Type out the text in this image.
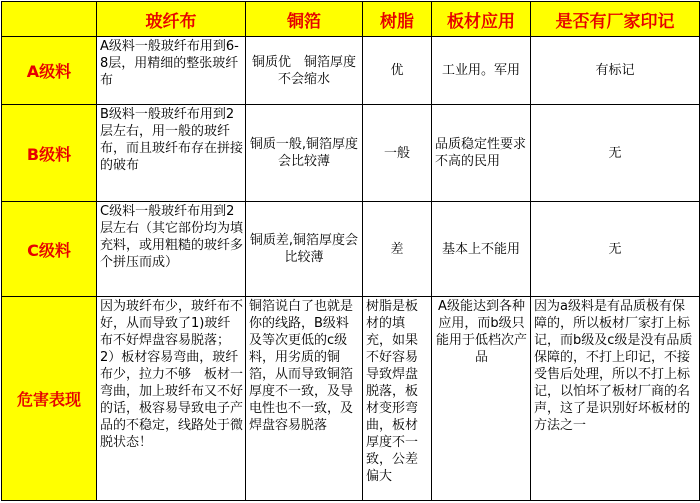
	玻纤布	铜箔	树脂	板材应用	是否有厂家印记
A级料	A级料一般玻纤布用到6-8层，用精细的整张玻纤布	铜质优　铜箔厚度不会缩水	优	工业用。军用	有标记
B级料	B级料一般玻纤布用到2层左右，用一般的玻纤布，而且玻纤布存在拼接的破布	铜质一般,铜箔厚度会比较薄	一般	品质稳定性要求不高的民用	无
C级料	C级料一般玻纤布用到2层左右（其它部份均为填充料，或用粗糙的玻纤多个拼压而成）	铜质差,铜箔厚度会比较薄	差	基本上不能用	无
危害表现	因为玻纤布少，玻纤布不好，从而导致了1)玻纤布不好焊盘容易脱落；2）板材容易弯曲，玻纤布少，拉力不够　板材一弯曲，加上玻纤布又不好的话，极容易导致电子产品的不稳定，线路处于微脱状态！	铜箔说白了也就是你的线路，B级料及等次更低的c级料，用劣质的铜箔，从而导致铜箔厚度不一致，及导电性也不一致，及焊盘容易脱落	树脂是板材的填充，如果不好容易导致焊盘脱落，板材变形弯曲，板材厚度不一致，公差偏大	A级能达到各种应用，而b级只能用于低档次产品	因为a级料是有品质极有保障的，所以板材厂家打上标记，而b级及c级是没有品质保障的，不打上印记，不接受售后处理，所以不打上标记，以怕坏了板材厂商的名声，这了是识别好坏板材的方法之一
